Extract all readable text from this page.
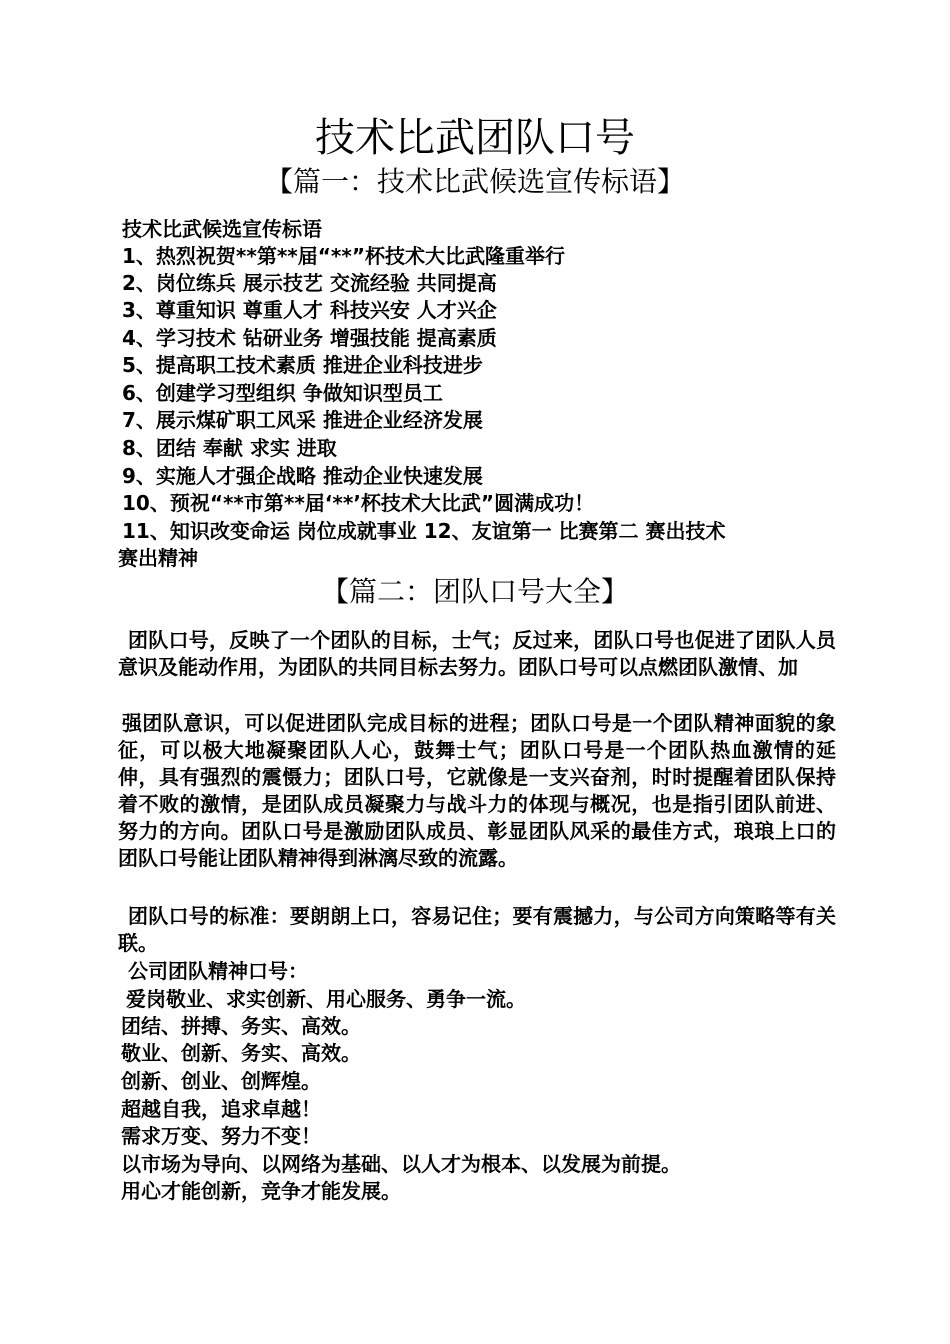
技术比武团队口号
【篇一：技术比武候选宣传标语】
技术比武候选宣传标语
1、热烈祝贺**第**届“**”杯技术大比武隆重举行
2、岗位练兵 展示技艺 交流经验 共同提高
3、尊重知识 尊重人才 科技兴安 人才兴企
4、学习技术 钻研业务 增强技能 提高素质
5、提高职工技术素质 推进企业科技进步
6、创建学习型组织 争做知识型员工
7、展示煤矿职工风采 推进企业经济发展
8、团结 奉献 求实 进取
9、实施人才强企战略 推动企业快速发展
10、预祝“**市第**届‘**’杯技术大比武”圆满成功！
11、知识改变命运 岗位成就事业 12、友谊第一 比赛第二 赛出技术
赛出精神
【篇二：团队口号大全】
团队口号，反映了一个团队的目标，士气；反过来，团队口号也促进了团队人员意识及能动作用，为团队的共同目标去努力。团队口号可以点燃团队激情、加
强团队意识，可以促进团队完成目标的进程；团队口号是一个团队精神面貌的象征，可以极大地凝聚团队人心，鼓舞士气；团队口号是一个团队热血激情的延伸，具有强烈的震慑力；团队口号，它就像是一支兴奋剂，时时提醒着团队保持着不败的激情，是团队成员凝聚力与战斗力的体现与概况，也是指引团队前进、努力的方向。团队口号是激励团队成员、彰显团队风采的最佳方式，琅琅上口的团队口号能让团队精神得到淋漓尽致的流露。
团队口号的标准：要朗朗上口，容易记住；要有震撼力，与公司方向策略等有关联。
公司团队精神口号：
爱岗敬业、求实创新、用心服务、勇争一流。
团结、拼搏、务实、高效。
敬业、创新、务实、高效。
创新、创业、创辉煌。
超越自我，追求卓越！
需求万变、努力不变！
以市场为导向、以网络为基础、以人才为根本、以发展为前提。
用心才能创新，竞争才能发展。
